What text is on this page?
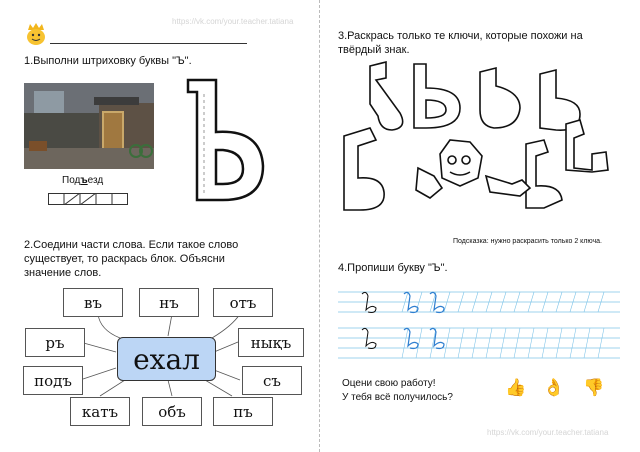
https://vk.com/your.teacher.tatiana
1.Выполни штриховку буквы "Ъ".
Подъезд
2.Соедини части слова. Если такое слово
существует, то раскрась блок. Объясни
значение слов.
въ	нъ	отъ
ръ	нықъ
подъ	съ
катъ	объ	пъ
ехал
3.Раскрась только те ключи, которые похожи на
твёрдый знак.
Подсказка: нужно раскрасить только 2 ключа.
4.Пропиши букву "Ъ".
Оцени свою работу!
У тебя всё получилось?
👍 👌 👎
https://vk.com/your.teacher.tatiana
